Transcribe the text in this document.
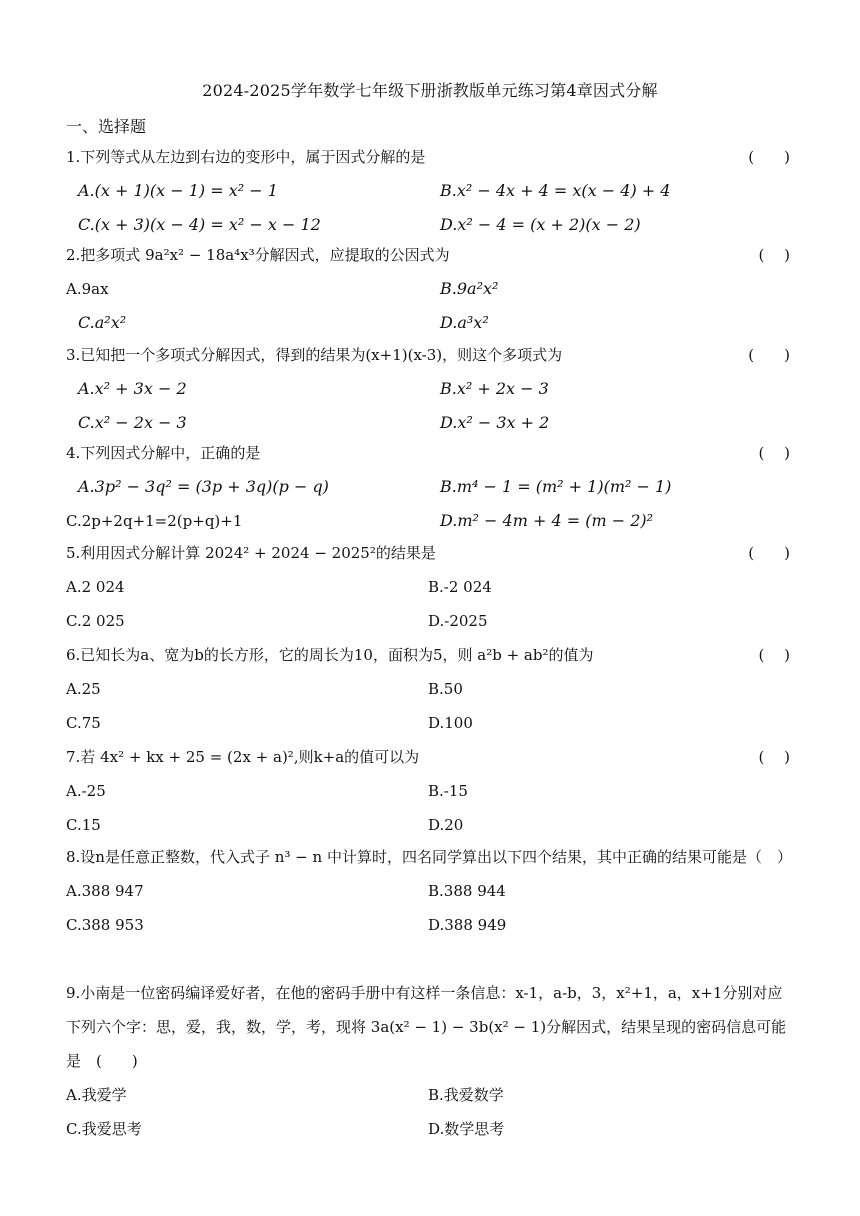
2024-2025学年数学七年级下册浙教版单元练习第4章因式分解
一、选择题
1.下列等式从左边到右边的变形中，属于因式分解的是	(　　)
A.(x + 1)(x − 1) = x² − 1	B.x² − 4x + 4 = x(x − 4) + 4
C.(x + 3)(x − 4) = x² − x − 12	D.x² − 4 = (x + 2)(x − 2)
2.把多项式 9a²x² − 18a⁴x³分解因式，应提取的公因式为	(　 )
A.9ax	B.9a²x²
C.a²x²	D.a³x²
3.已知把一个多项式分解因式，得到的结果为(x+1)(x-3)，则这个多项式为	(　　)
A.x² + 3x − 2	B.x² + 2x − 3
C.x² − 2x − 3	D.x² − 3x + 2
4.下列因式分解中，正确的是	(　 )
A.3p² − 3q² = (3p + 3q)(p − q)	B.m⁴ − 1 = (m² + 1)(m² − 1)
C.2p+2q+1=2(p+q)+1	D.m² − 4m + 4 = (m − 2)²
5.利用因式分解计算 2024² + 2024 − 2025²的结果是	(　　)
A.2 024	B.-2 024
C.2 025	D.-2025
6.已知长为a、宽为b的长方形，它的周长为10，面积为5，则 a²b + ab²的值为	(　 )
A.25	B.50
C.75	D.100
7.若 4x² + kx + 25 = (2x + a)²,则k+a的值可以为	(　 )
A.-25	B.-15
C.15	D.20
8.设n是任意正整数，代入式子 n³ − n 中计算时，四名同学算出以下四个结果，其中正确的结果可能是（　）
A.388 947	B.388 944
C.388 953	D.388 949
9.小南是一位密码编译爱好者，在他的密码手册中有这样一条信息：x-1，a-b，3，x²+1，a，x+1分别对应下列六个字：思，爱，我，数，学，考，现将 3a(x² − 1) − 3b(x² − 1)分解因式，结果呈现的密码信息可能是　(　　)
A.我爱学	B.我爱数学
C.我爱思考	D.数学思考
